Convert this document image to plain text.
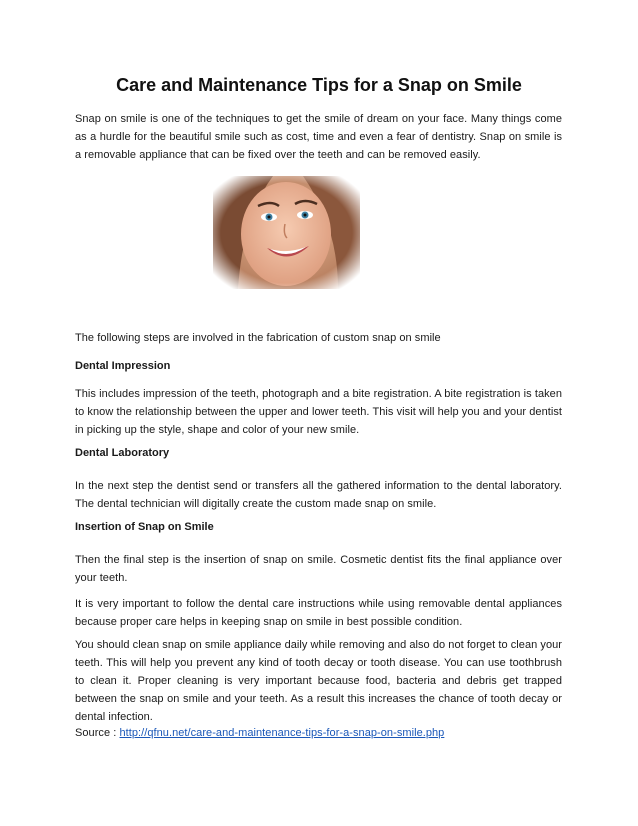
Care and Maintenance Tips for a Snap on Smile

Snap on smile is one of the techniques to get the smile of dream on your face. Many things come as a hurdle for the beautiful smile such as cost, time and even a fear of dentistry. Snap on smile is a removable appliance that can be fixed over the teeth and can be removed easily.

The following steps are involved in the fabrication of custom snap on smile

Dental Impression

This includes impression of the teeth, photograph and a bite registration. A bite registration is taken to know the relationship between the upper and lower teeth. This visit will help you and your dentist in picking up the style, shape and color of your new smile.

Dental Laboratory

In the next step the dentist send or transfers all the gathered information to the dental laboratory. The dental technician will digitally create the custom made snap on smile.

Insertion of Snap on Smile

Then the final step is the insertion of snap on smile. Cosmetic dentist fits the final appliance over your teeth.

It is very important to follow the dental care instructions while using removable dental appliances because proper care helps in keeping snap on smile in best possible condition.

You should clean snap on smile appliance daily while removing and also do not forget to clean your teeth. This will help you prevent any kind of tooth decay or tooth disease. You can use toothbrush to clean it. Proper cleaning is very important because food, bacteria and debris get trapped between the snap on smile and your teeth. As a result this increases the chance of tooth decay or dental infection.

Source : http://qfnu.net/care-and-maintenance-tips-for-a-snap-on-smile.php
